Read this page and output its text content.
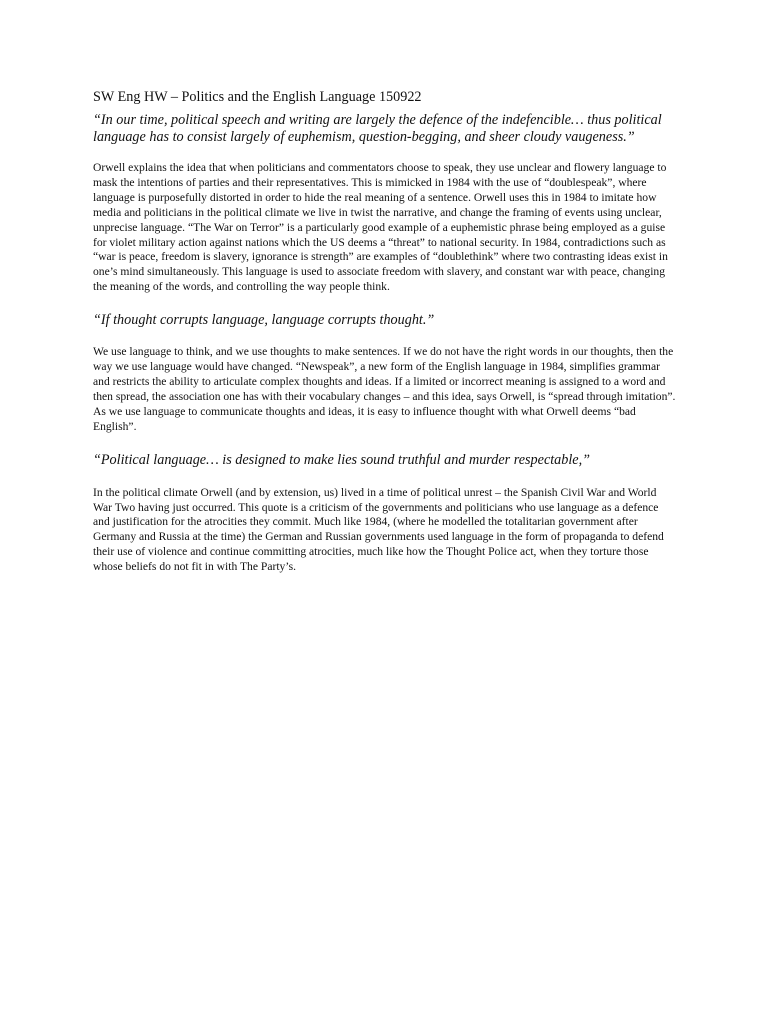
SW Eng HW – Politics and the English Language 150922
“In our time, political speech and writing are largely the defence of the indefencible… thus political language has to consist largely of euphemism, question-begging, and sheer cloudy vaugeness.”
Orwell explains the idea that when politicians and commentators choose to speak, they use unclear and flowery language to mask the intentions of parties and their representatives. This is mimicked in 1984 with the use of “doublespeak”, where language is purposefully distorted in order to hide the real meaning of a sentence. Orwell uses this in 1984 to imitate how media and politicians in the political climate we live in twist the narrative, and change the framing of events using unclear, unprecise language. “The War on Terror” is a particularly good example of a euphemistic phrase being employed as a guise for violet military action against nations which the US deems a “threat” to national security. In 1984, contradictions such as “war is peace, freedom is slavery, ignorance is strength” are examples of “doublethink” where two contrasting ideas exist in one’s mind simultaneously. This language is used to associate freedom with slavery, and constant war with peace, changing the meaning of the words, and controlling the way people think.
“If thought corrupts language, language corrupts thought.”
We use language to think, and we use thoughts to make sentences. If we do not have the right words in our thoughts, then the way we use language would have changed. “Newspeak”, a new form of the English language in 1984, simplifies grammar and restricts the ability to articulate complex thoughts and ideas. If a limited or incorrect meaning is assigned to a word and then spread, the association one has with their vocabulary changes – and this idea, says Orwell, is “spread through imitation”. As we use language to communicate thoughts and ideas, it is easy to influence thought with what Orwell deems “bad English”.
“Political language… is designed to make lies sound truthful and murder respectable,”
In the political climate Orwell (and by extension, us) lived in a time of political unrest – the Spanish Civil War and World War Two having just occurred. This quote is a criticism of the governments and politicians who use language as a defence and justification for the atrocities they commit. Much like 1984, (where he modelled the totalitarian government after Germany and Russia at the time) the German and Russian governments used language in the form of propaganda to defend their use of violence and continue committing atrocities, much like how the Thought Police act, when they torture those whose beliefs do not fit in with The Party’s.
